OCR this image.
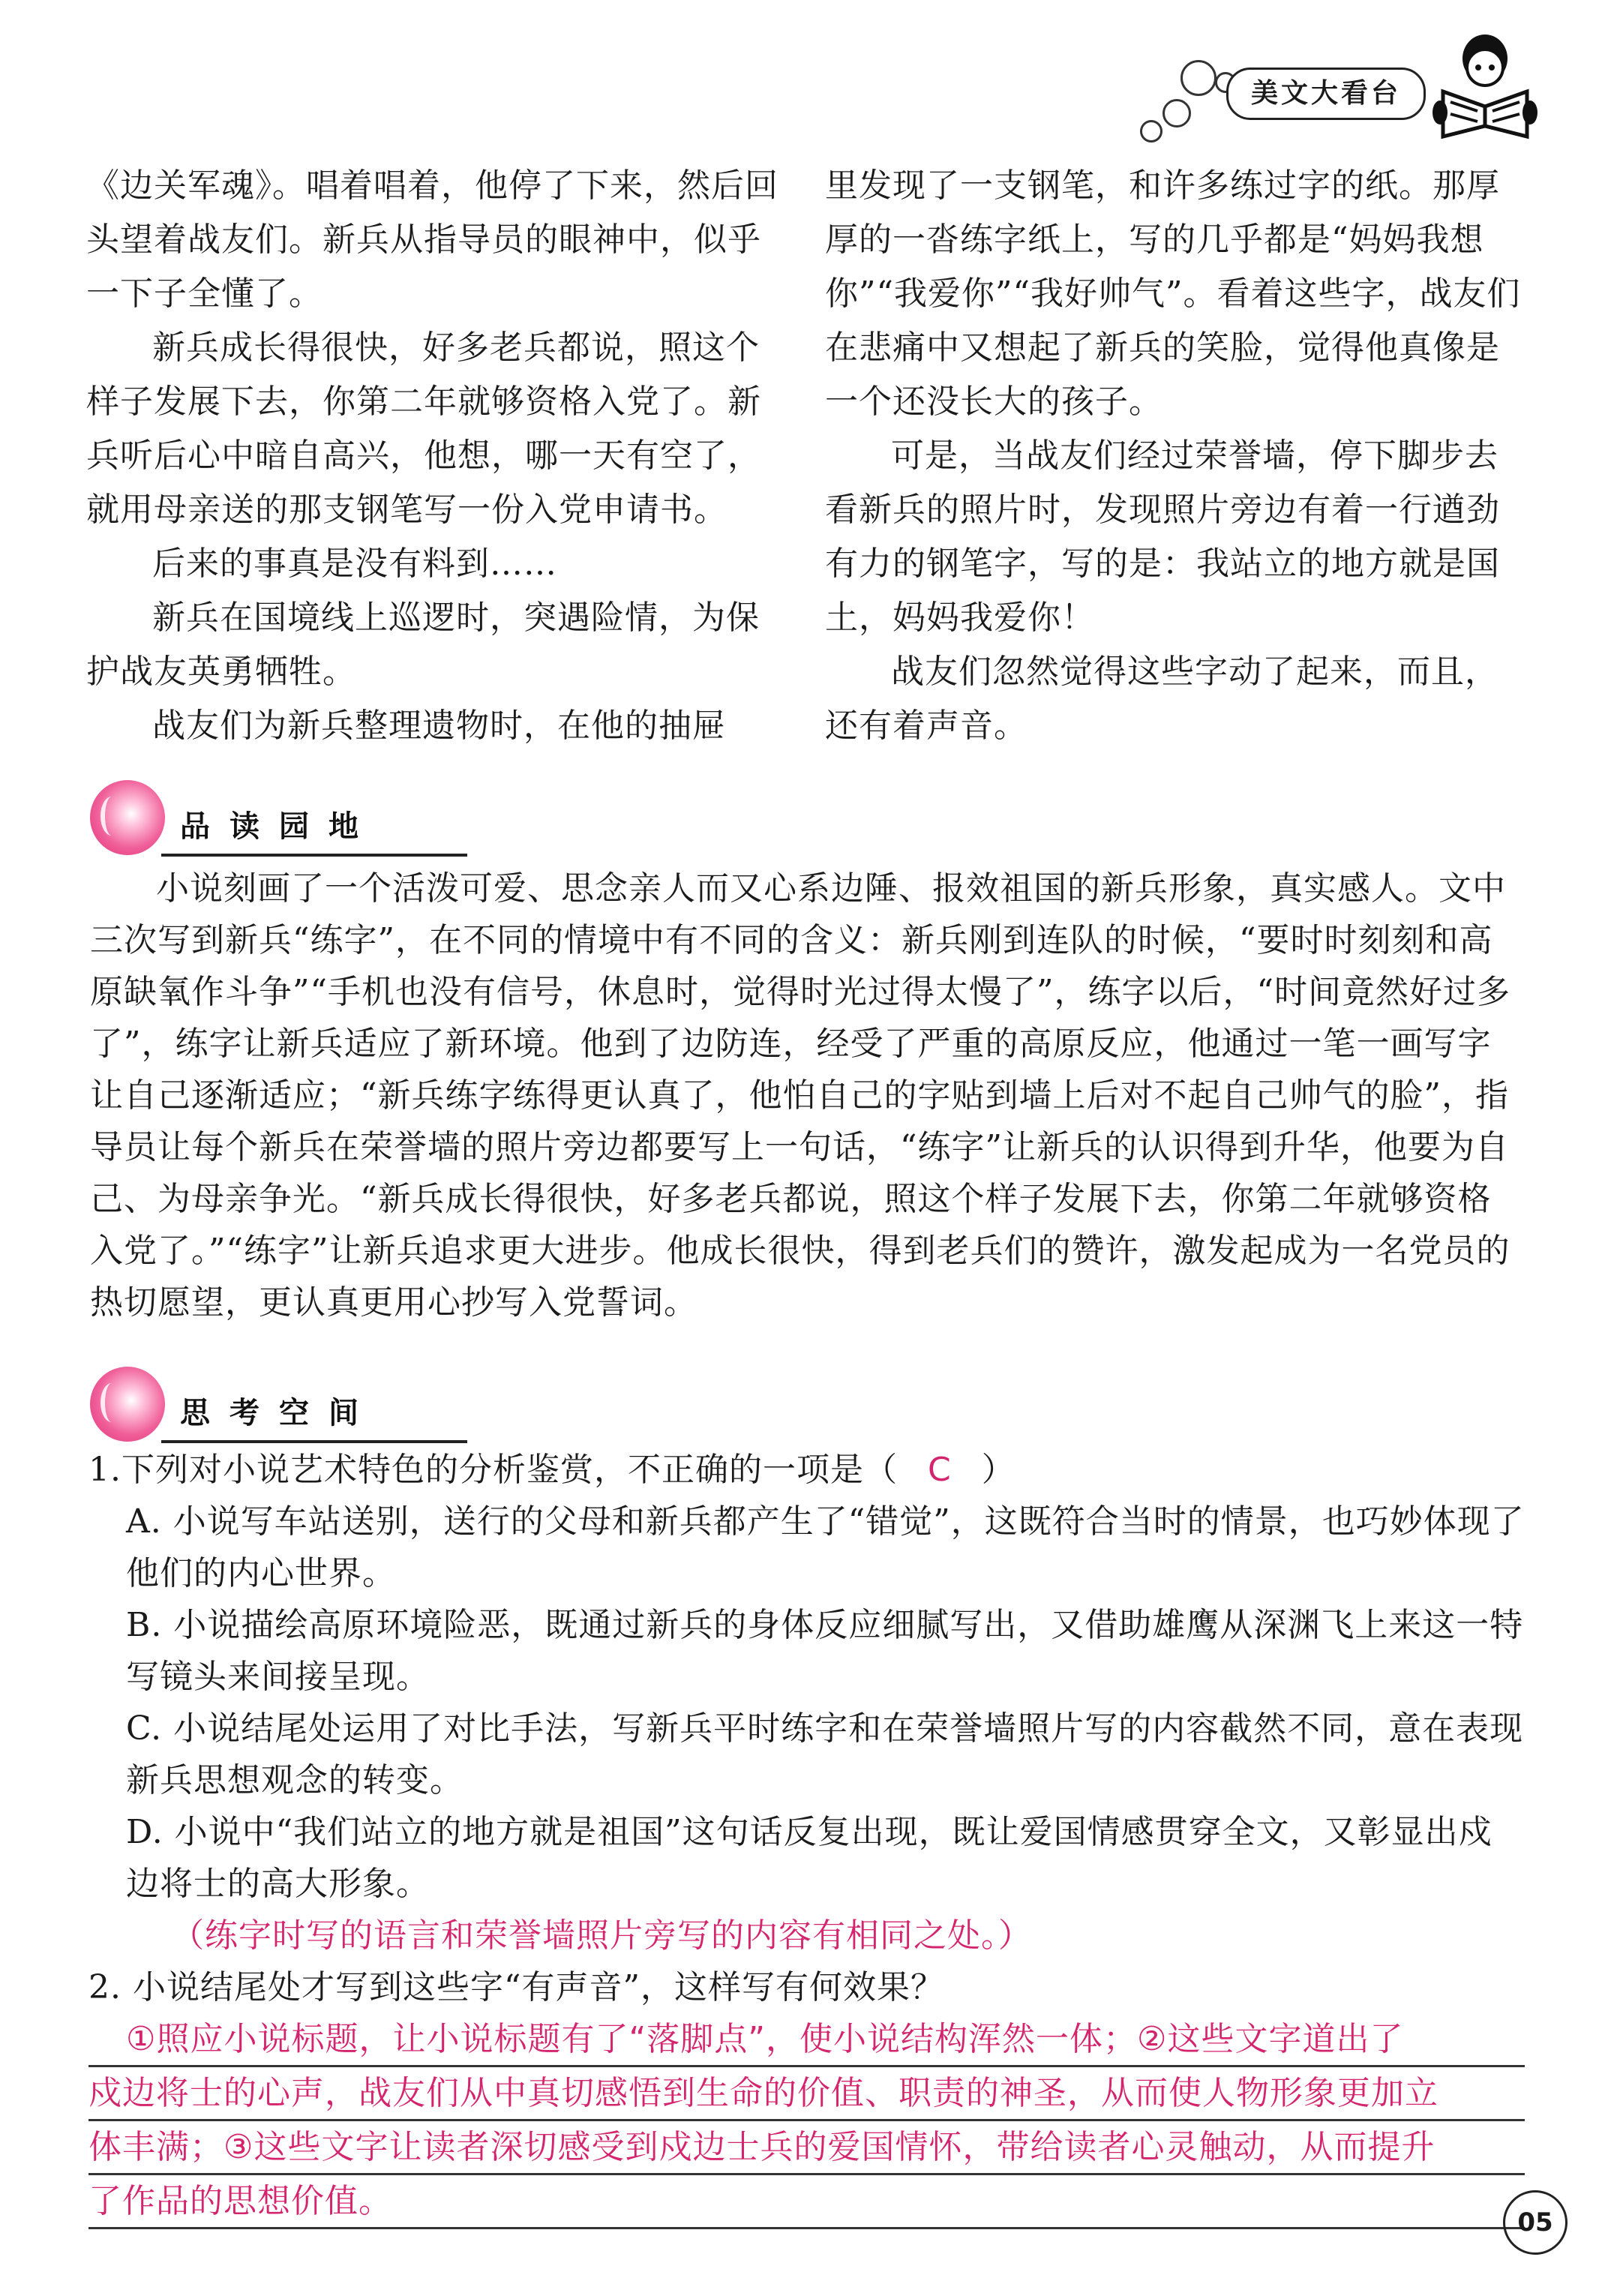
美文大看台

《边关军魂》。唱着唱着，他停了下来，然后回头望着战友们。新兵从指导员的眼神中，似乎一下子全懂了。

新兵成长得很快，好多老兵都说，照这个样子发展下去，你第二年就够资格入党了。新兵听后心中暗自高兴，他想，哪一天有空了，就用母亲送的那支钢笔写一份入党申请书。

后来的事真是没有料到……

新兵在国境线上巡逻时，突遇险情，为保护战友英勇牺牲。

战友们为新兵整理遗物时，在他的抽屉

里发现了一支钢笔，和许多练过字的纸。那厚厚的一沓练字纸上，写的几乎都是“妈妈我想你”“我爱你”“我好帅气”。看着这些字，战友们在悲痛中又想起了新兵的笑脸，觉得他真像是一个还没长大的孩子。

可是，当战友们经过荣誉墙，停下脚步去看新兵的照片时，发现照片旁边有着一行遒劲有力的钢笔字，写的是：我站立的地方就是国土，妈妈我爱你！

战友们忽然觉得这些字动了起来，而且，还有着声音。

品读园地

小说刻画了一个活泼可爱、思念亲人而又心系边陲、报效祖国的新兵形象，真实感人。文中三次写到新兵“练字”，在不同的情境中有不同的含义：新兵刚到连队的时候，“要时时刻刻和高原缺氧作斗争”“手机也没有信号，休息时，觉得时光过得太慢了”，练字以后，“时间竟然好过多了”，练字让新兵适应了新环境。他到了边防连，经受了严重的高原反应，他通过一笔一画写字让自己逐渐适应；“新兵练字练得更认真了，他怕自己的字贴到墙上后对不起自己帅气的脸”，指导员让每个新兵在荣誉墙的照片旁边都要写上一句话，“练字”让新兵的认识得到升华，他要为自己、为母亲争光。“新兵成长得很快，好多老兵都说，照这个样子发展下去，你第二年就够资格入党了。”“练字”让新兵追求更大进步。他成长很快，得到老兵们的赞许，激发起成为一名党员的热切愿望，更认真更用心抄写入党誓词。

思考空间

1.下列对小说艺术特色的分析鉴赏，不正确的一项是（ C ）

A. 小说写车站送别，送行的父母和新兵都产生了“错觉”，这既符合当时的情景，也巧妙体现了他们的内心世界。

B. 小说描绘高原环境险恶，既通过新兵的身体反应细腻写出，又借助雄鹰从深渊飞上来这一特写镜头来间接呈现。

C. 小说结尾处运用了对比手法，写新兵平时练字和在荣誉墙照片写的内容截然不同，意在表现新兵思想观念的转变。

D. 小说中“我们站立的地方就是祖国”这句话反复出现，既让爱国情感贯穿全文，又彰显出戍边将士的高大形象。

（练字时写的语言和荣誉墙照片旁写的内容有相同之处。）

2. 小说结尾处才写到这些字“有声音”，这样写有何效果？

①照应小说标题，让小说标题有了“落脚点”，使小说结构浑然一体；②这些文字道出了

戍边将士的心声，战友们从中真切感悟到生命的价值、职责的神圣，从而使人物形象更加立

体丰满；③这些文字让读者深切感受到戍边士兵的爱国情怀，带给读者心灵触动，从而提升

了作品的思想价值。

05
